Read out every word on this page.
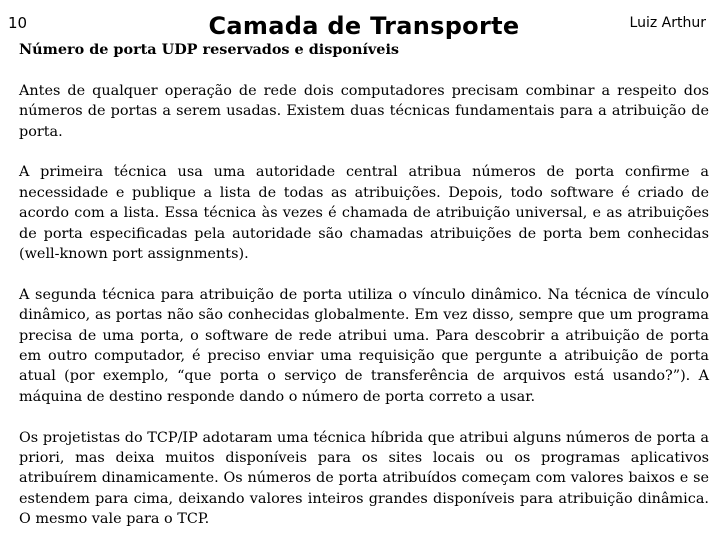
10	Camada de Transporte	Luiz Arthur
Número de porta UDP reservados e disponíveis

Antes de qualquer operação de rede dois computadores precisam combinar a respeito dos números de portas a serem usadas. Existem duas técnicas fundamentais para a atribuição de porta.

A primeira técnica usa uma autoridade central atribua números de porta confirme a necessidade e publique a lista de todas as atribuições. Depois, todo software é criado de acordo com a lista. Essa técnica às vezes é chamada de atribuição universal, e as atribuições de porta especificadas pela autoridade são chamadas atribuições de porta bem conhecidas (well-known port assignments).

A segunda técnica para atribuição de porta utiliza o vínculo dinâmico. Na técnica de vínculo dinâmico, as portas não são conhecidas globalmente. Em vez disso, sempre que um programa precisa de uma porta, o software de rede atribui uma. Para descobrir a atribuição de porta em outro computador, é preciso enviar uma requisição que pergunte a atribuição de porta atual (por exemplo, “que porta o serviço de transferência de arquivos está usando?”). A máquina de destino responde dando o número de porta correto a usar.

Os projetistas do TCP/IP adotaram uma técnica híbrida que atribui alguns números de porta a priori, mas deixa muitos disponíveis para os sites locais ou os programas aplicativos atribuírem dinamicamente. Os números de porta atribuídos começam com valores baixos e se estendem para cima, deixando valores inteiros grandes disponíveis para atribuição dinâmica. O mesmo vale para o TCP.
